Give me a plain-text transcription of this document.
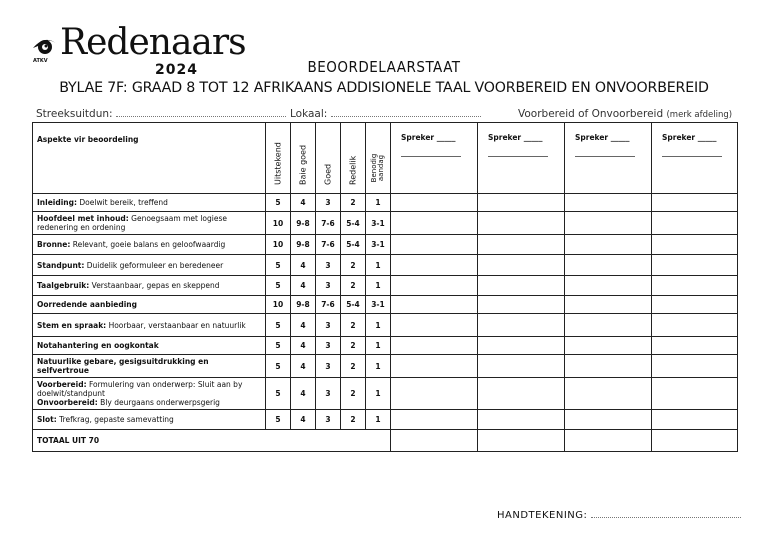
ATKV Redenaars
2024	BEOORDELAARSTAAT
BYLAE 7F: GRAAD 8 TOT 12 AFRIKAANS ADDISIONELE TAAL VOORBEREID EN ONVOORBEREID
Streeksuitdun:	Lokaal:	Voorbereid of Onvoorbereid (merk afdeling)
Aspekte vir beoordeling	Uitstekend	Baie goed	Goed	Redelik	Benodig aandag	Spreker _____	Spreker _____	Spreker _____	Spreker _____

Inleiding: Doelwit bereik, treffend	5	4	3	2	1				
Hoofdeel met inhoud: Genoegsaam met logiese redenering en ordening	10	9-8	7-6	5-4	3-1				
Bronne: Relevant, goeie balans en geloofwaardig	10	9-8	7-6	5-4	3-1				
Standpunt: Duidelik geformuleer en beredeneer	5	4	3	2	1				
Taalgebruik: Verstaanbaar, gepas en skeppend	5	4	3	2	1				
Oorredende aanbieding	10	9-8	7-6	5-4	3-1				
Stem en spraak: Hoorbaar, verstaanbaar en natuurlik	5	4	3	2	1				
Notahantering en oogkontak	5	4	3	2	1				
Natuurlike gebare, gesigsuitdrukking en selfvertroue	5	4	3	2	1				
Voorbereid: Formulering van onderwerp: Sluit aan by doelwit/standpunt
Onvoorbereid: Bly deurgaans onderwerpsgerig	5	4	3	2	1				
Slot: Trefkrag, gepaste samevatting	5	4	3	2	1				
TOTAAL UIT 70									
HANDTEKENING:
